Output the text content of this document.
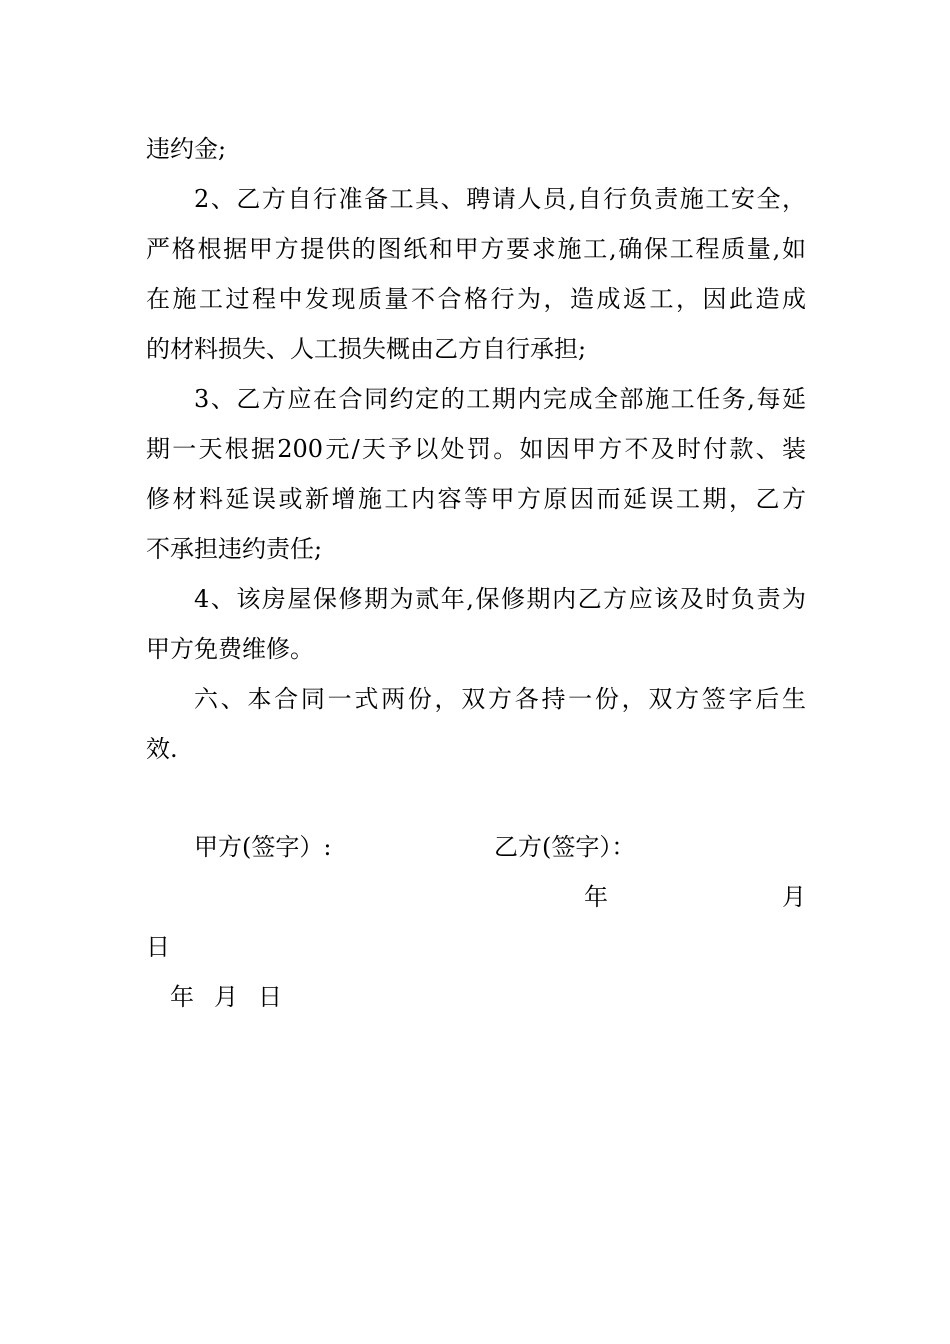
违约金;
2、乙方自行准备工具、聘请人员,自行负责施工安全，
严格根据甲方提供的图纸和甲方要求施工,确保工程质量,如
在施工过程中发现质量不合格行为，造成返工，因此造成
的材料损失、人工损失概由乙方自行承担;
3、乙方应在合同约定的工期内完成全部施工任务,每延
期一天根据200元/天予以处罚。如因甲方不及时付款、装
修材料延误或新增施工内容等甲方原因而延误工期，乙方
不承担违约责任;
4、该房屋保修期为贰年,保修期内乙方应该及时负责为
甲方免费维修。
六、本合同一式两份，双方各持一份，双方签字后生
效.
甲方(签字）:	乙方(签字）：
年	月
日
年 月 日
